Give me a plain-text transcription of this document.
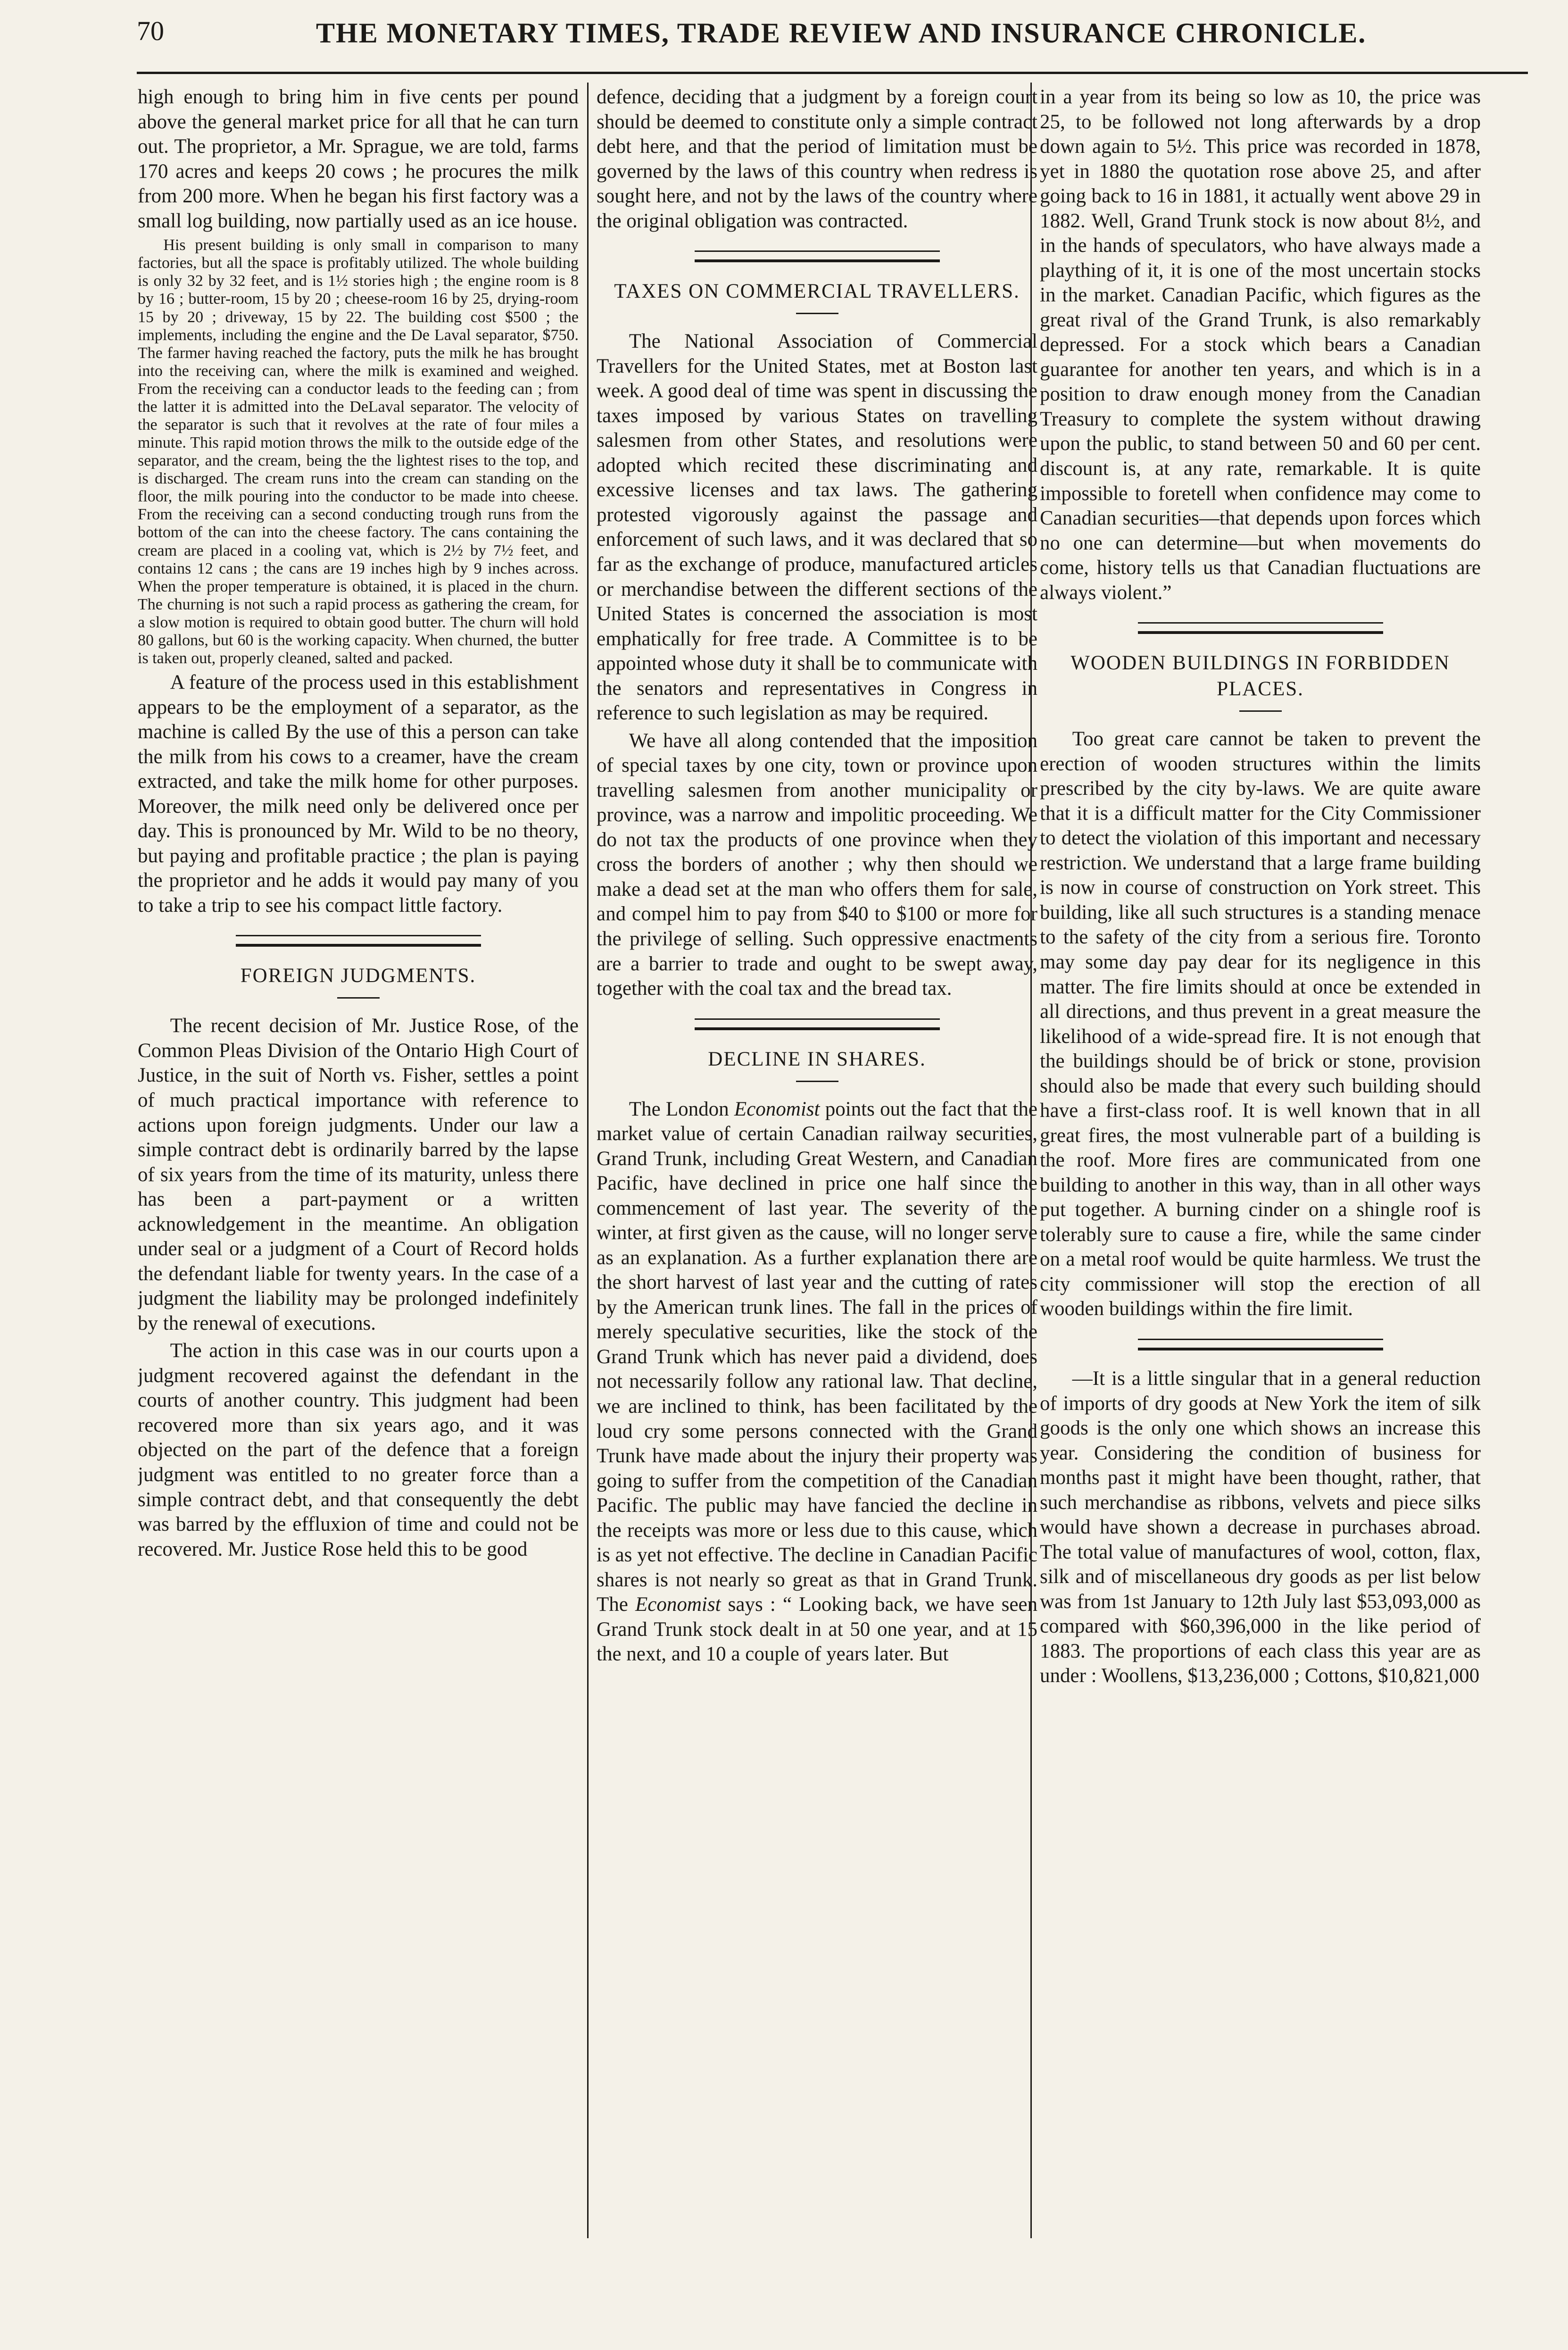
70	THE MONETARY TIMES, TRADE REVIEW AND INSURANCE CHRONICLE.

high enough to bring him in five cents per pound above the general market price for all that he can turn out. The proprietor, a Mr. Sprague, we are told, farms 170 acres and keeps 20 cows ; he procures the milk from 200 more. When he began his first factory was a small log building, now partially used as an ice house.

His present building is only small in comparison to many factories, but all the space is profitably utilized. The whole building is only 32 by 32 feet, and is 1½ stories high ; the engine room is 8 by 16 ; butter-room, 15 by 20 ; cheese-room 16 by 25, drying-room 15 by 20 ; driveway, 15 by 22. The building cost $500 ; the implements, including the engine and the De Laval separator, $750. The farmer having reached the factory, puts the milk he has brought into the receiving can, where the milk is examined and weighed. From the receiving can a conductor leads to the feeding can ; from the latter it is admitted into the DeLaval separator. The velocity of the separator is such that it revolves at the rate of four miles a minute. This rapid motion throws the milk to the outside edge of the separator, and the cream, being the the lightest rises to the top, and is discharged. The cream runs into the cream can standing on the floor, the milk pouring into the conductor to be made into cheese. From the receiving can a second conducting trough runs from the bottom of the can into the cheese factory. The cans containing the cream are placed in a cooling vat, which is 2½ by 7½ feet, and contains 12 cans ; the cans are 19 inches high by 9 inches across. When the proper temperature is obtained, it is placed in the churn. The churning is not such a rapid process as gathering the cream, for a slow motion is required to obtain good butter. The churn will hold 80 gallons, but 60 is the working capacity. When churned, the butter is taken out, properly cleaned, salted and packed.

A feature of the process used in this establishment appears to be the employment of a separator, as the machine is called By the use of this a person can take the milk from his cows to a creamer, have the cream extracted, and take the milk home for other purposes. Moreover, the milk need only be delivered once per day. This is pronounced by Mr. Wild to be no theory, but paying and profitable practice ; the plan is paying the proprietor and he adds it would pay many of you to take a trip to see his compact little factory.

FOREIGN JUDGMENTS.

The recent decision of Mr. Justice Rose, of the Common Pleas Division of the Ontario High Court of Justice, in the suit of North vs. Fisher, settles a point of much practical importance with reference to actions upon foreign judgments. Under our law a simple contract debt is ordinarily barred by the lapse of six years from the time of its maturity, unless there has been a part-payment or a written acknowledgement in the meantime. An obligation under seal or a judgment of a Court of Record holds the defendant liable for twenty years. In the case of a judgment the liability may be prolonged indefinitely by the renewal of executions.

The action in this case was in our courts upon a judgment recovered against the defendant in the courts of another country. This judgment had been recovered more than six years ago, and it was objected on the part of the defence that a foreign judgment was entitled to no greater force than a simple contract debt, and that consequently the debt was barred by the effluxion of time and could not be recovered. Mr. Justice Rose held this to be good

defence, deciding that a judgment by a foreign court should be deemed to constitute only a simple contract debt here, and that the period of limitation must be governed by the laws of this country when redress is sought here, and not by the laws of the country where the original obligation was contracted.

TAXES ON COMMERCIAL TRAVELLERS.

The National Association of Commercial Travellers for the United States, met at Boston last week. A good deal of time was spent in discussing the taxes imposed by various States on travelling salesmen from other States, and resolutions were adopted which recited these discriminating and excessive licenses and tax laws. The gathering protested vigorously against the passage and enforcement of such laws, and it was declared that so far as the exchange of produce, manufactured articles or merchandise between the different sections of the United States is concerned the association is most emphatically for free trade. A Committee is to be appointed whose duty it shall be to communicate with the senators and representatives in Congress in reference to such legislation as may be required.

We have all along contended that the imposition of special taxes by one city, town or province upon travelling salesmen from another municipality or province, was a narrow and impolitic proceeding. We do not tax the products of one province when they cross the borders of another ; why then should we make a dead set at the man who offers them for sale, and compel him to pay from $40 to $100 or more for the privilege of selling. Such oppressive enactments are a barrier to trade and ought to be swept away, together with the coal tax and the bread tax.

DECLINE IN SHARES.

The London Economist points out the fact that the market value of certain Canadian railway securities, Grand Trunk, including Great Western, and Canadian Pacific, have declined in price one half since the commencement of last year. The severity of the winter, at first given as the cause, will no longer serve as an explanation. As a further explanation there are the short harvest of last year and the cutting of rates by the American trunk lines. The fall in the prices of merely speculative securities, like the stock of the Grand Trunk which has never paid a dividend, does not necessarily follow any rational law. That decline, we are inclined to think, has been facilitated by the loud cry some persons connected with the Grand Trunk have made about the injury their property was going to suffer from the competition of the Canadian Pacific. The public may have fancied the decline in the receipts was more or less due to this cause, which is as yet not effective. The decline in Canadian Pacific shares is not nearly so great as that in Grand Trunk. The Economist says : “ Looking back, we have seen Grand Trunk stock dealt in at 50 one year, and at 15 the next, and 10 a couple of years later. But

in a year from its being so low as 10, the price was 25, to be followed not long afterwards by a drop down again to 5½. This price was recorded in 1878, yet in 1880 the quotation rose above 25, and after going back to 16 in 1881, it actually went above 29 in 1882. Well, Grand Trunk stock is now about 8½, and in the hands of speculators, who have always made a plaything of it, it is one of the most uncertain stocks in the market. Canadian Pacific, which figures as the great rival of the Grand Trunk, is also remarkably depressed. For a stock which bears a Canadian guarantee for another ten years, and which is in a position to draw enough money from the Canadian Treasury to complete the system without drawing upon the public, to stand between 50 and 60 per cent. discount is, at any rate, remarkable. It is quite impossible to foretell when confidence may come to Canadian securities—that depends upon forces which no one can determine—but when movements do come, history tells us that Canadian fluctuations are always violent.”

WOODEN BUILDINGS IN FORBIDDEN PLACES.

Too great care cannot be taken to prevent the erection of wooden structures within the limits prescribed by the city by-laws. We are quite aware that it is a difficult matter for the City Commissioner to detect the violation of this important and necessary restriction. We understand that a large frame building is now in course of construction on York street. This building, like all such structures is a standing menace to the safety of the city from a serious fire. Toronto may some day pay dear for its negligence in this matter. The fire limits should at once be extended in all directions, and thus prevent in a great measure the likelihood of a wide-spread fire. It is not enough that the buildings should be of brick or stone, provision should also be made that every such building should have a first-class roof. It is well known that in all great fires, the most vulnerable part of a building is the roof. More fires are communicated from one building to another in this way, than in all other ways put together. A burning cinder on a shingle roof is tolerably sure to cause a fire, while the same cinder on a metal roof would be quite harmless. We trust the city commissioner will stop the erection of all wooden buildings within the fire limit.

—It is a little singular that in a general reduction of imports of dry goods at New York the item of silk goods is the only one which shows an increase this year. Considering the condition of business for months past it might have been thought, rather, that such merchandise as ribbons, velvets and piece silks would have shown a decrease in purchases abroad. The total value of manufactures of wool, cotton, flax, silk and of miscellaneous dry goods as per list below was from 1st January to 12th July last $53,093,000 as compared with $60,396,000 in the like period of 1883. The proportions of each class this year are as under : Woollens, $13,236,000 ; Cottons, $10,821,000
